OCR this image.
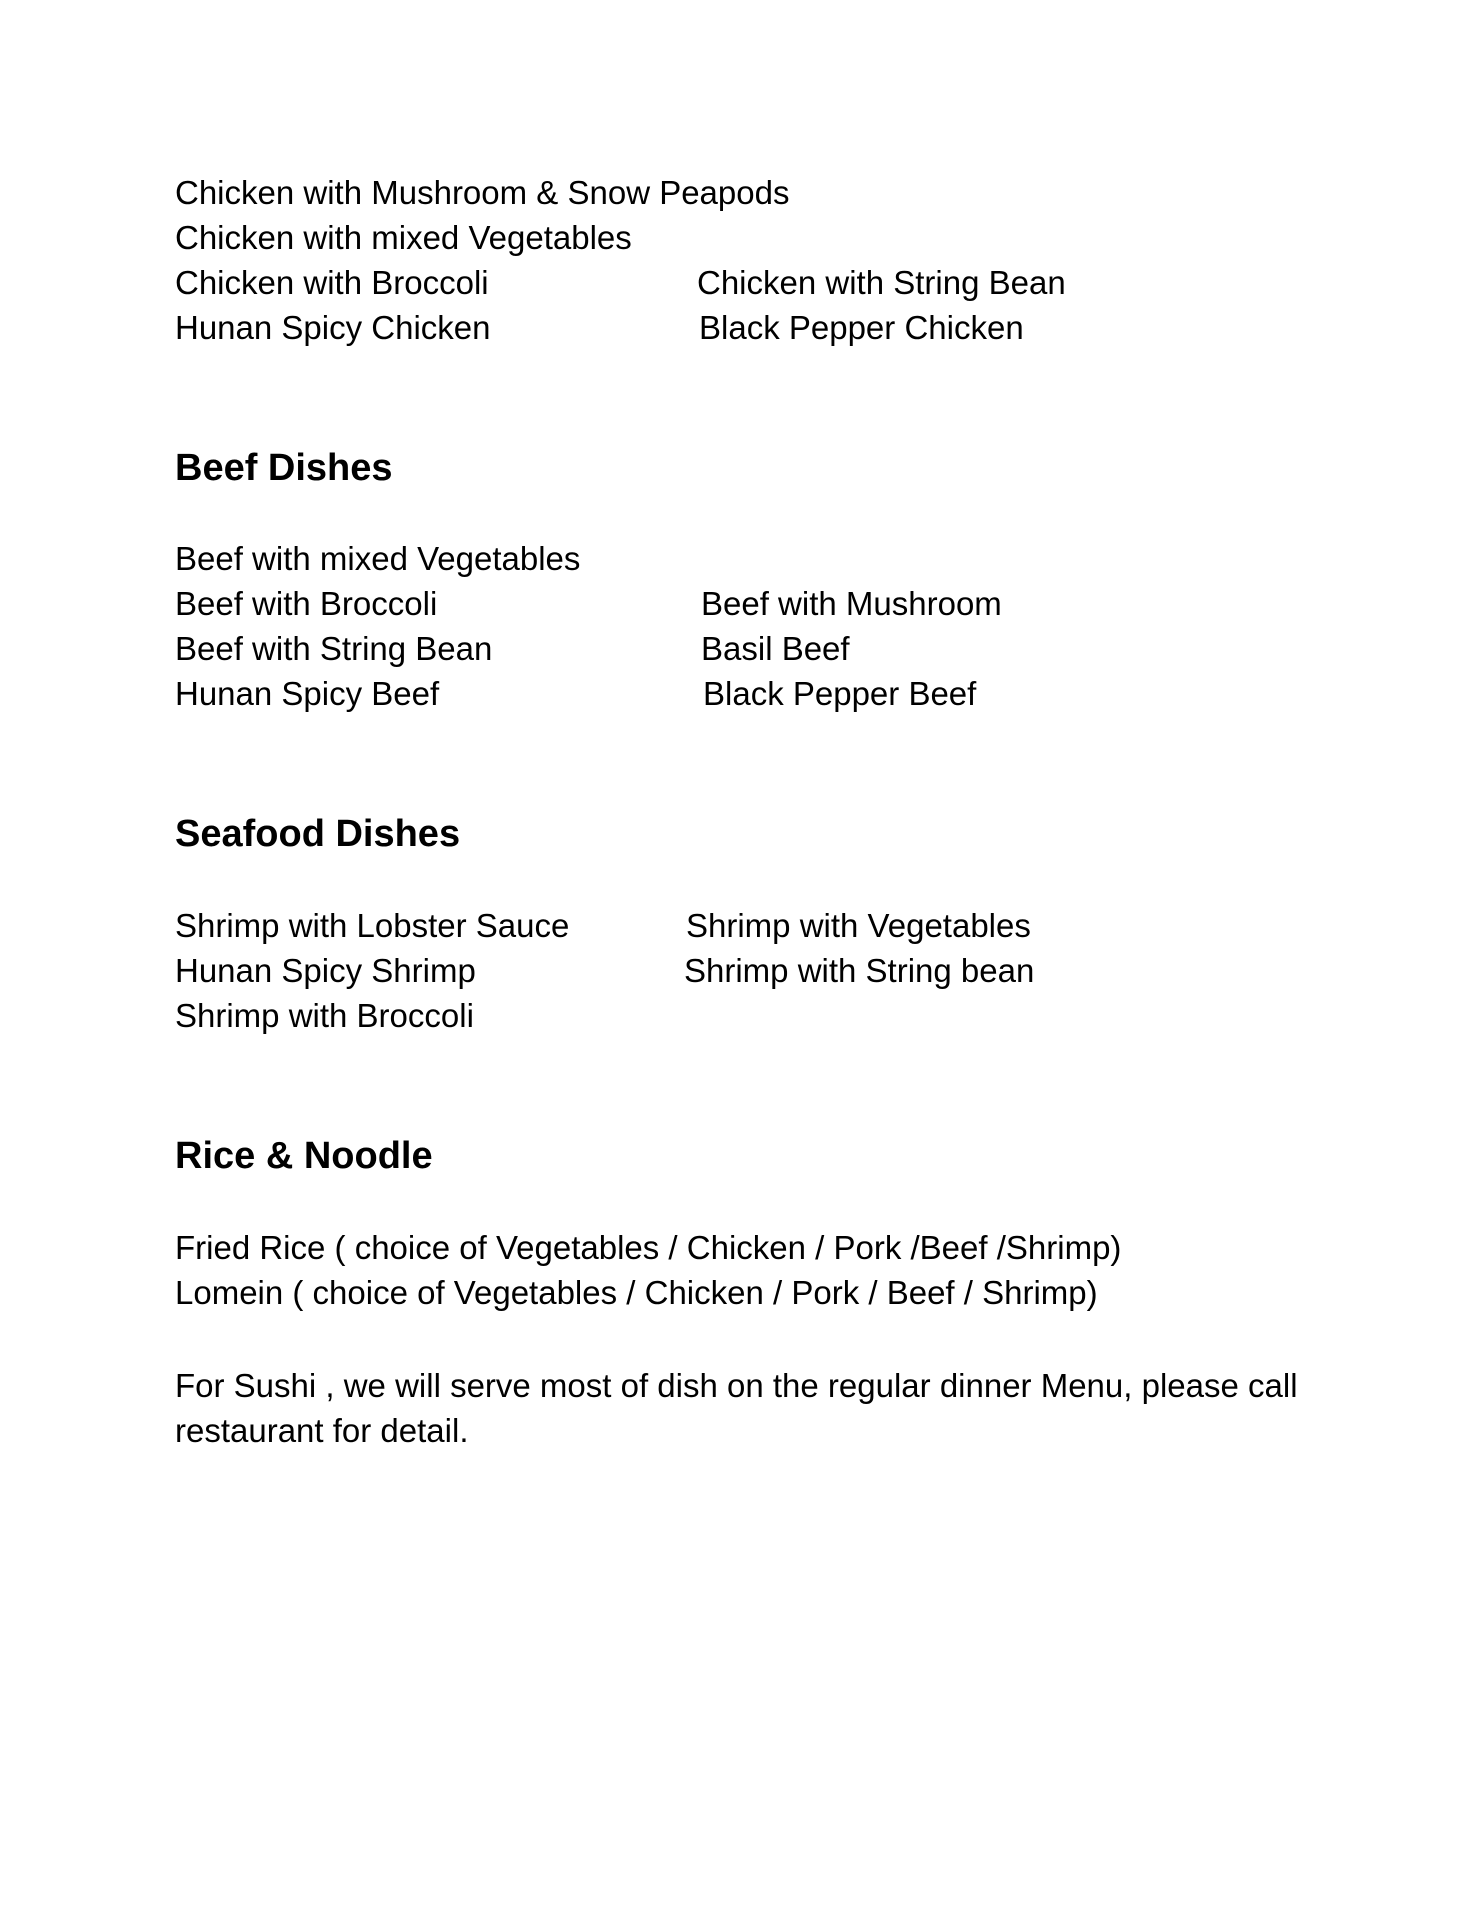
Chicken with Mushroom & Snow Peapods
Chicken with mixed Vegetables
Chicken with Broccoli	Chicken with String Bean
Hunan Spicy Chicken	Black Pepper Chicken
Beef Dishes
Beef with mixed Vegetables
Beef with Broccoli	Beef with Mushroom
Beef with String Bean	Basil Beef
Hunan Spicy Beef	Black Pepper Beef
Seafood Dishes
Shrimp with Lobster Sauce	Shrimp with Vegetables
Hunan Spicy Shrimp	Shrimp with String bean
Shrimp with Broccoli
Rice & Noodle
Fried Rice ( choice of Vegetables / Chicken / Pork /Beef /Shrimp)
Lomein ( choice of Vegetables / Chicken / Pork / Beef / Shrimp)
For Sushi , we will serve most of dish on the regular dinner Menu, please call restaurant for detail.
